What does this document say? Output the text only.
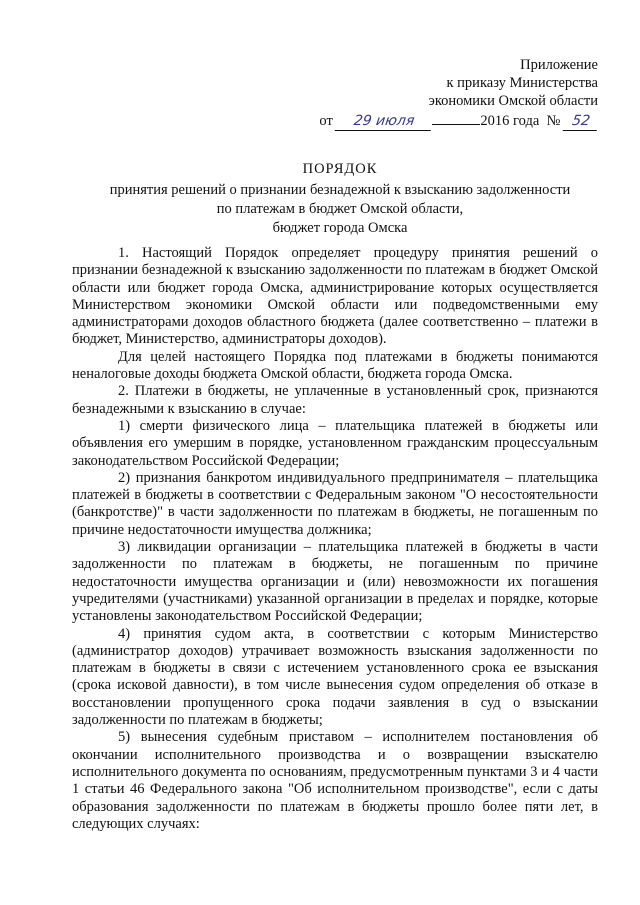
Приложение
к приказу Министерства
экономики Омской области
от 29 июля	2016 года № 52
ПОРЯДОК
принятия решений о признании безнадежной к взысканию задолженности
по платежам в бюджет Омской области,
бюджет города Омска

1. Настоящий Порядок определяет процедуру принятия решений о признании безнадежной к взысканию задолженности по платежам в бюджет Омской области или бюджет города Омска, администрирование которых осуществляется Министерством экономики Омской области или подведомственными ему администраторами доходов областного бюджета (далее соответственно – платежи в бюджет, Министерство, администраторы доходов).

Для целей настоящего Порядка под платежами в бюджеты понимаются неналоговые доходы бюджета Омской области, бюджета города Омска.

2. Платежи в бюджеты, не уплаченные в установленный срок, признаются безнадежными к взысканию в случае:

1) смерти физического лица – плательщика платежей в бюджеты или объявления его умершим в порядке, установленном гражданским процессуальным законодательством Российской Федерации;

2) признания банкротом индивидуального предпринимателя – плательщика платежей в бюджеты в соответствии с Федеральным законом "О несостоятельности (банкротстве)" в части задолженности по платежам в бюджеты, не погашенным по причине недостаточности имущества должника;

3) ликвидации организации – плательщика платежей в бюджеты в части задолженности по платежам в бюджеты, не погашенным по причине недостаточности имущества организации и (или) невозможности их погашения учредителями (участниками) указанной организации в пределах и порядке, которые установлены законодательством Российской Федерации;

4) принятия судом акта, в соответствии с которым Министерство (администратор доходов) утрачивает возможность взыскания задолженности по платежам в бюджеты в связи с истечением установленного срока ее взыскания (срока исковой давности), в том числе вынесения судом определения об отказе в восстановлении пропущенного срока подачи заявления в суд о взыскании задолженности по платежам в бюджеты;

5) вынесения судебным приставом – исполнителем постановления об окончании исполнительного производства и о возвращении взыскателю исполнительного документа по основаниям, предусмотренным пунктами 3 и 4 части 1 статьи 46 Федерального закона "Об исполнительном производстве", если с даты образования задолженности по платежам в бюджеты прошло более пяти лет, в следующих случаях:
